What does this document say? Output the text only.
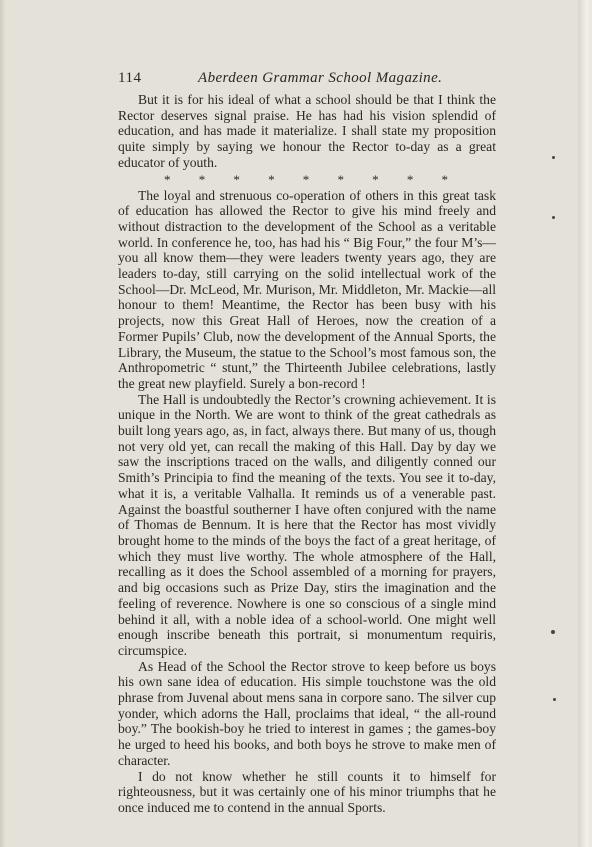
114	Aberdeen Grammar School Magazine.

But it is for his ideal of what a school should be that I think the Rector deserves signal praise. He has had his vision splendid of education, and has made it materialize. I shall state my proposition quite simply by saying we honour the Rector to-day as a great educator of youth.

* * * * * * * * *

The loyal and strenuous co-operation of others in this great task of education has allowed the Rector to give his mind freely and without distraction to the development of the School as a veritable world. In conference he, too, has had his “ Big Four,” the four M’s—you all know them—they were leaders twenty years ago, they are leaders to-day, still carrying on the solid intellectual work of the School—Dr. McLeod, Mr. Murison, Mr. Middleton, Mr. Mackie—all honour to them! Meantime, the Rector has been busy with his projects, now this Great Hall of Heroes, now the creation of a Former Pupils’ Club, now the development of the Annual Sports, the Library, the Museum, the statue to the School’s most famous son, the Anthropometric “ stunt,” the Thirteenth Jubilee celebrations, lastly the great new playfield. Surely a bon-record !

The Hall is undoubtedly the Rector’s crowning achievement. It is unique in the North. We are wont to think of the great cathedrals as built long years ago, as, in fact, always there. But many of us, though not very old yet, can recall the making of this Hall. Day by day we saw the inscriptions traced on the walls, and diligently conned our Smith’s Principia to find the meaning of the texts. You see it to-day, what it is, a veritable Valhalla. It reminds us of a venerable past. Against the boastful southerner I have often conjured with the name of Thomas de Bennum. It is here that the Rector has most vividly brought home to the minds of the boys the fact of a great heritage, of which they must live worthy. The whole atmosphere of the Hall, recalling as it does the School assembled of a morning for prayers, and big occasions such as Prize Day, stirs the imagination and the feeling of reverence. Nowhere is one so conscious of a single mind behind it all, with a noble idea of a school-world. One might well enough inscribe beneath this portrait, si monumentum requiris, circumspice.

As Head of the School the Rector strove to keep before us boys his own sane idea of education. His simple touchstone was the old phrase from Juvenal about mens sana in corpore sano. The silver cup yonder, which adorns the Hall, proclaims that ideal, “ the all-round boy.” The bookish-boy he tried to interest in games ; the games-boy he urged to heed his books, and both boys he strove to make men of character.

I do not know whether he still counts it to himself for righteousness, but it was certainly one of his minor triumphs that he once induced me to contend in the annual Sports.
